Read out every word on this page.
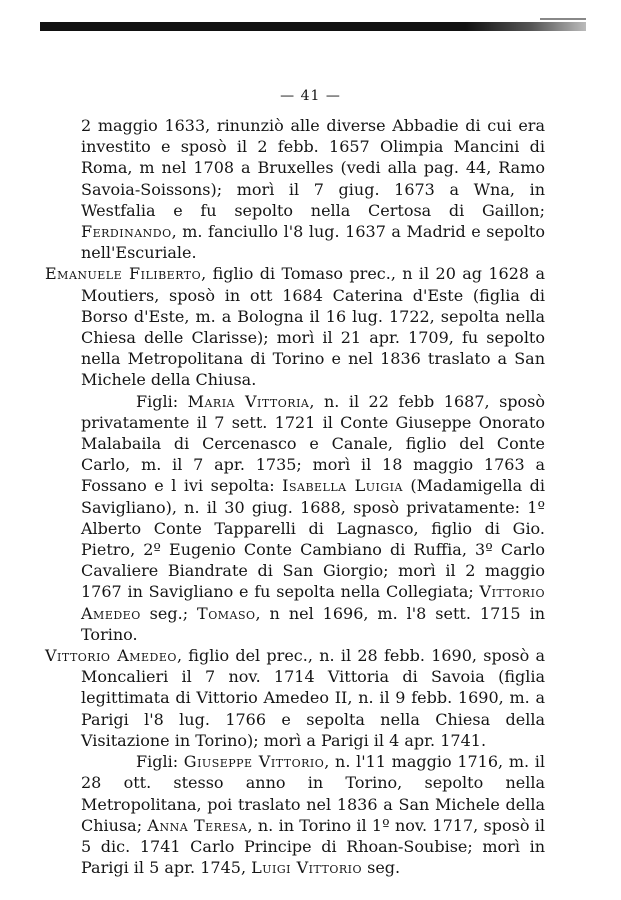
— 41 —

2 maggio 1633, rinunziò alle diverse Abbadie di cui era investito e sposò il 2 febb. 1657 Olimpia Mancini di Roma, m nel 1708 a Bruxelles (vedi alla pag. 44, Ramo Savoia-Soissons); morì il 7 giug. 1673 a Wna, in Westfalia e fu sepolto nella Certosa di Gaillon; Ferdinando, m. fanciullo l'8 lug. 1637 a Madrid e sepolto nell'Escuriale.

Emanuele Filiberto, figlio di Tomaso prec., n il 20 ag 1628 a Moutiers, sposò in ott 1684 Caterina d'Este (figlia di Borso d'Este, m. a Bologna il 16 lug. 1722, sepolta nella Chiesa delle Clarisse); morì il 21 apr. 1709, fu sepolto nella Metropolitana di Torino e nel 1836 traslato a San Michele della Chiusa.

Figli: Maria Vittoria, n. il 22 febb 1687, sposò privatamente il 7 sett. 1721 il Conte Giuseppe Onorato Malabaila di Cercenasco e Canale, figlio del Conte Carlo, m. il 7 apr. 1735; morì il 18 maggio 1763 a Fossano e l ivi sepolta: Isabella Luigia (Madamigella di Savigliano), n. il 30 giug. 1688, sposò privatamente: 1º Alberto Conte Tapparelli di Lagnasco, figlio di Gio. Pietro, 2º Eugenio Conte Cambiano di Ruffia, 3º Carlo Cavaliere Biandrate di San Giorgio; morì il 2 maggio 1767 in Savigliano e fu sepolta nella Collegiata; Vittorio Amedeo seg.; Tomaso, n nel 1696, m. l'8 sett. 1715 in Torino.

Vittorio Amedeo, figlio del prec., n. il 28 febb. 1690, sposò a Moncalieri il 7 nov. 1714 Vittoria di Savoia (figlia legittimata di Vittorio Amedeo II, n. il 9 febb. 1690, m. a Parigi l'8 lug. 1766 e sepolta nella Chiesa della Visitazione in Torino); morì a Parigi il 4 apr. 1741.

Figli: Giuseppe Vittorio, n. l'11 maggio 1716, m. il 28 ott. stesso anno in Torino, sepolto nella Metropolitana, poi traslato nel 1836 a San Michele della Chiusa; Anna Teresa, n. in Torino il 1º nov. 1717, sposò il 5 dic. 1741 Carlo Principe di Rhoan-Soubise; morì in Parigi il 5 apr. 1745, Luigi Vittorio seg.
